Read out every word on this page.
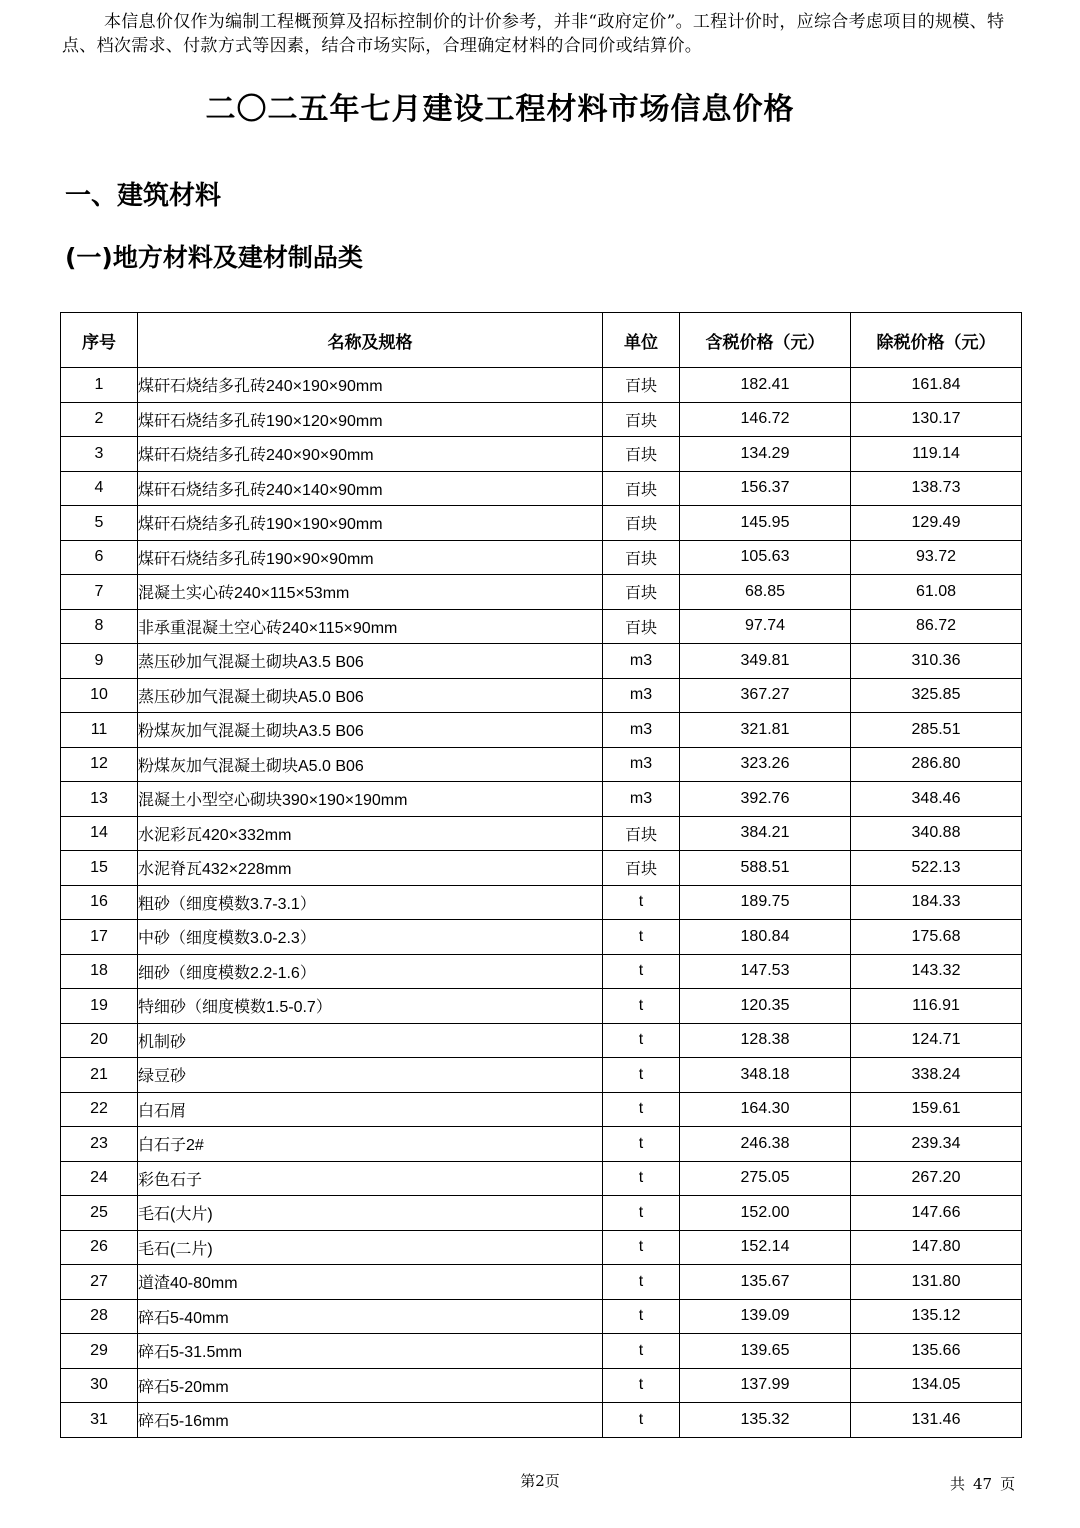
本信息价仅作为编制工程概预算及招标控制价的计价参考，并非“政府定价”。工程计价时，应综合考虑项目的规模、特点、档次需求、付款方式等因素，结合市场实际，合理确定材料的合同价或结算价。
二〇二五年七月建设工程材料市场信息价格
一、建筑材料
(一)地方材料及建材制品类
序号	名称及规格	单位	含税价格（元）	除税价格（元）
1	煤矸石烧结多孔砖240×190×90mm	百块	182.41	161.84
2	煤矸石烧结多孔砖190×120×90mm	百块	146.72	130.17
3	煤矸石烧结多孔砖240×90×90mm	百块	134.29	119.14
4	煤矸石烧结多孔砖240×140×90mm	百块	156.37	138.73
5	煤矸石烧结多孔砖190×190×90mm	百块	145.95	129.49
6	煤矸石烧结多孔砖190×90×90mm	百块	105.63	93.72
7	混凝土实心砖240×115×53mm	百块	68.85	61.08
8	非承重混凝土空心砖240×115×90mm	百块	97.74	86.72
9	蒸压砂加气混凝土砌块A3.5 B06	m3	349.81	310.36
10	蒸压砂加气混凝土砌块A5.0 B06	m3	367.27	325.85
11	粉煤灰加气混凝土砌块A3.5 B06	m3	321.81	285.51
12	粉煤灰加气混凝土砌块A5.0 B06	m3	323.26	286.80
13	混凝土小型空心砌块390×190×190mm	m3	392.76	348.46
14	水泥彩瓦420×332mm	百块	384.21	340.88
15	水泥脊瓦432×228mm	百块	588.51	522.13
16	粗砂（细度模数3.7-3.1）	t	189.75	184.33
17	中砂（细度模数3.0-2.3）	t	180.84	175.68
18	细砂（细度模数2.2-1.6）	t	147.53	143.32
19	特细砂（细度模数1.5-0.7）	t	120.35	116.91
20	机制砂	t	128.38	124.71
21	绿豆砂	t	348.18	338.24
22	白石屑	t	164.30	159.61
23	白石子2#	t	246.38	239.34
24	彩色石子	t	275.05	267.20
25	毛石(大片)	t	152.00	147.66
26	毛石(二片)	t	152.14	147.80
27	道渣40-80mm	t	135.67	131.80
28	碎石5-40mm	t	139.09	135.12
29	碎石5-31.5mm	t	139.65	135.66
30	碎石5-20mm	t	137.99	134.05
31	碎石5-16mm	t	135.32	131.46
第2页	共 47 页
